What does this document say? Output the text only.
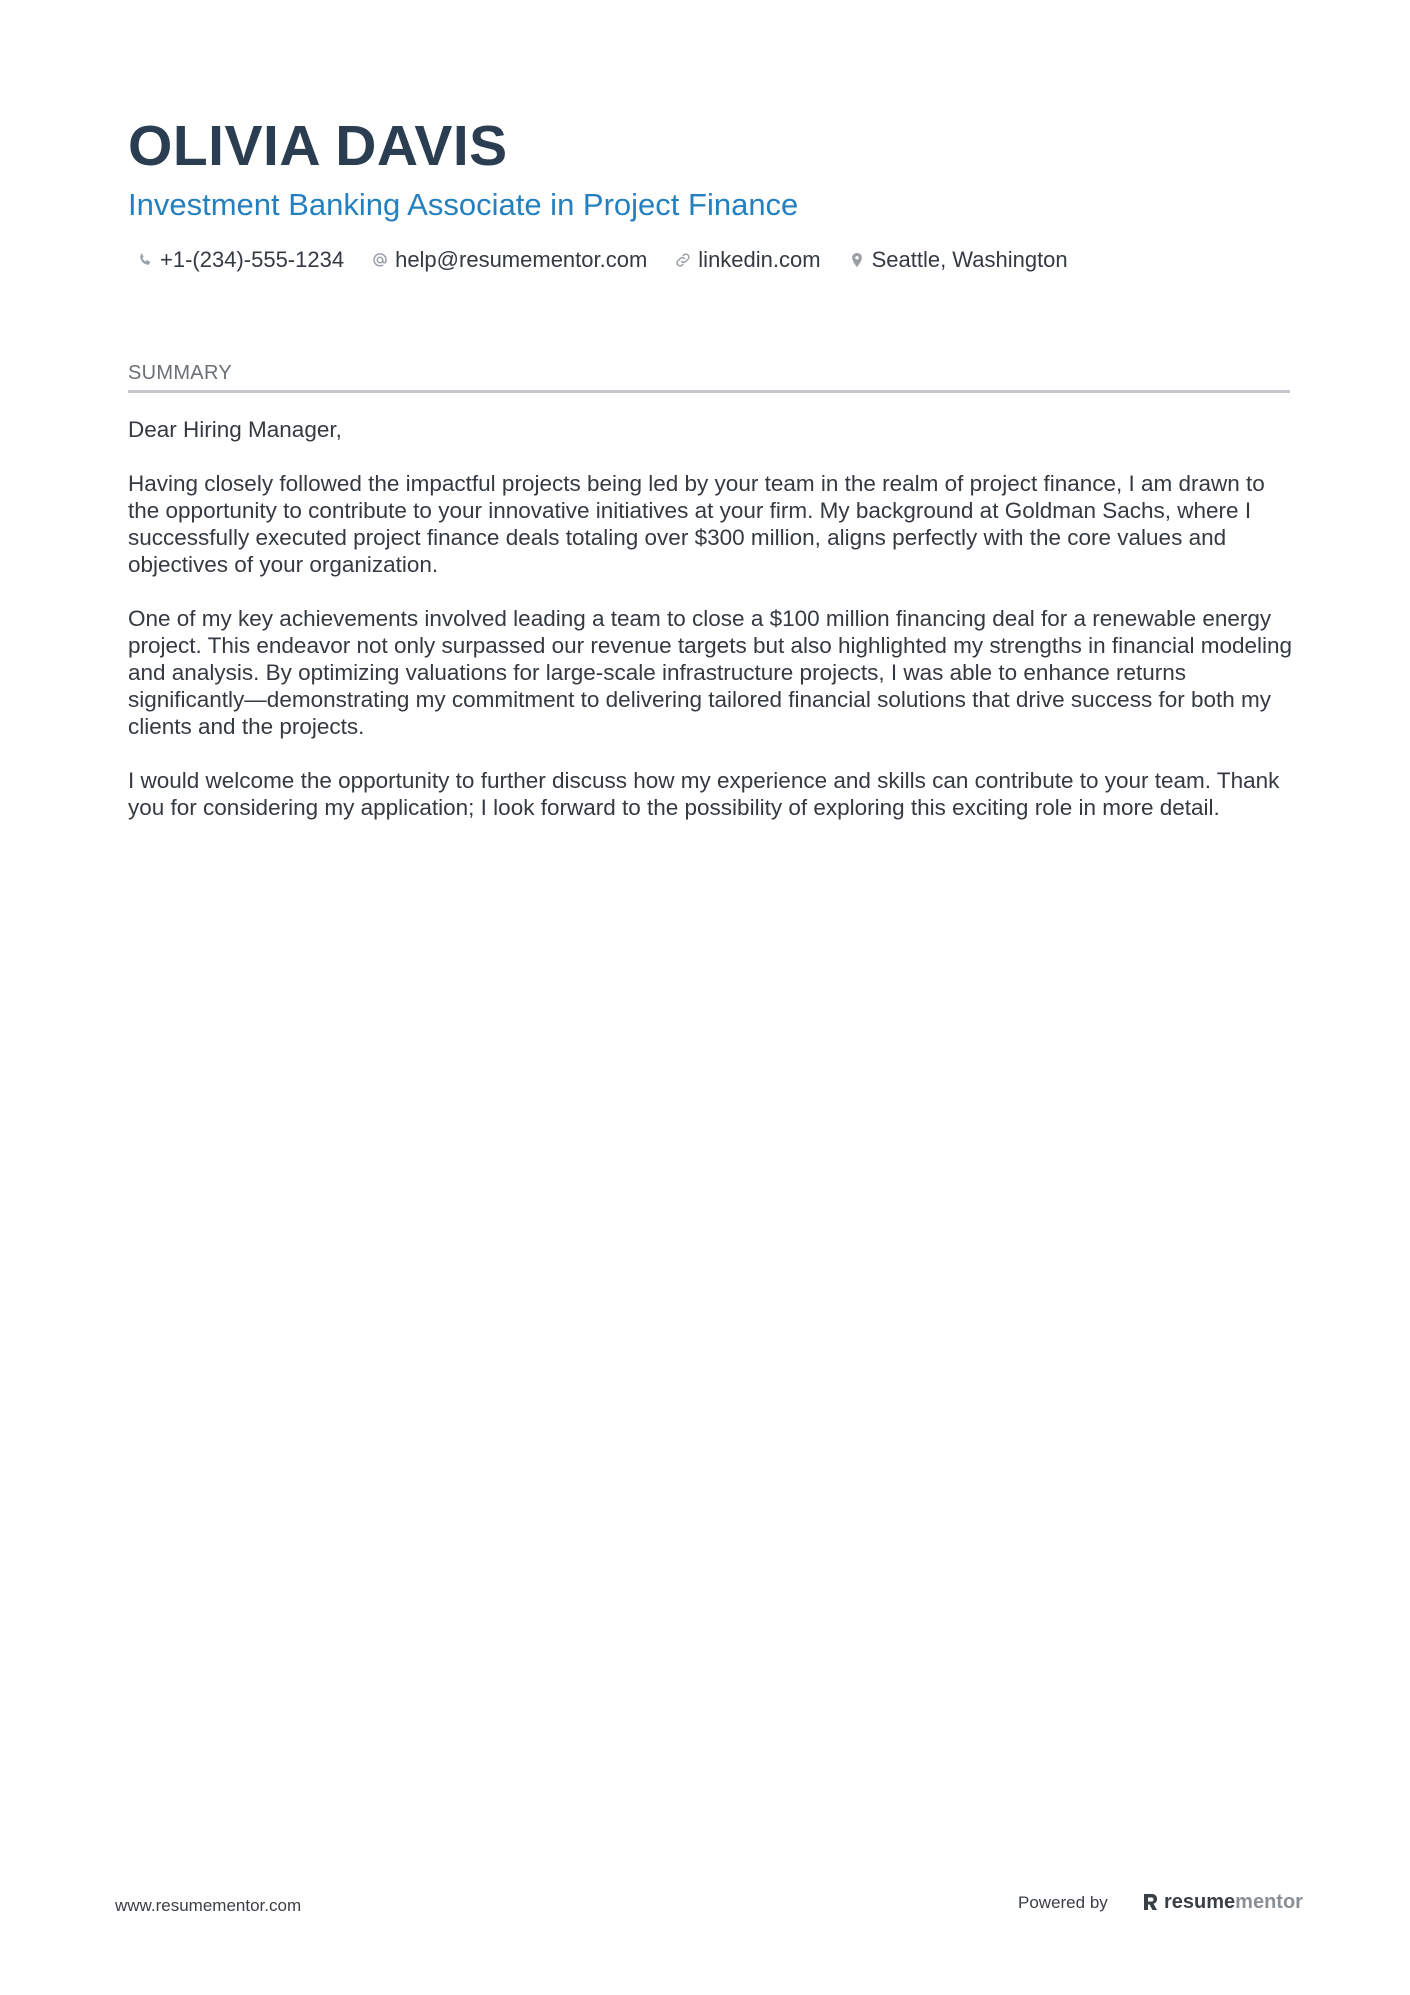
OLIVIA DAVIS
Investment Banking Associate in Project Finance
+1-(234)-555-1234 help@resumementor.com linkedin.com Seattle, Washington
SUMMARY

Dear Hiring Manager,

Having closely followed the impactful projects being led by your team in the realm of project finance, I am drawn to the opportunity to contribute to your innovative initiatives at your firm. My background at Goldman Sachs, where I successfully executed project finance deals totaling over $300 million, aligns perfectly with the core values and objectives of your organization.

One of my key achievements involved leading a team to close a $100 million financing deal for a renewable energy project. This endeavor not only surpassed our revenue targets but also highlighted my strengths in financial modeling and analysis. By optimizing valuations for large-scale infrastructure projects, I was able to enhance returns significantly—demonstrating my commitment to delivering tailored financial solutions that drive success for both my clients and the projects.

I would welcome the opportunity to further discuss how my experience and skills can contribute to your team. Thank you for considering my application; I look forward to the possibility of exploring this exciting role in more detail.

www.resumementor.com	Powered by	resume mentor
